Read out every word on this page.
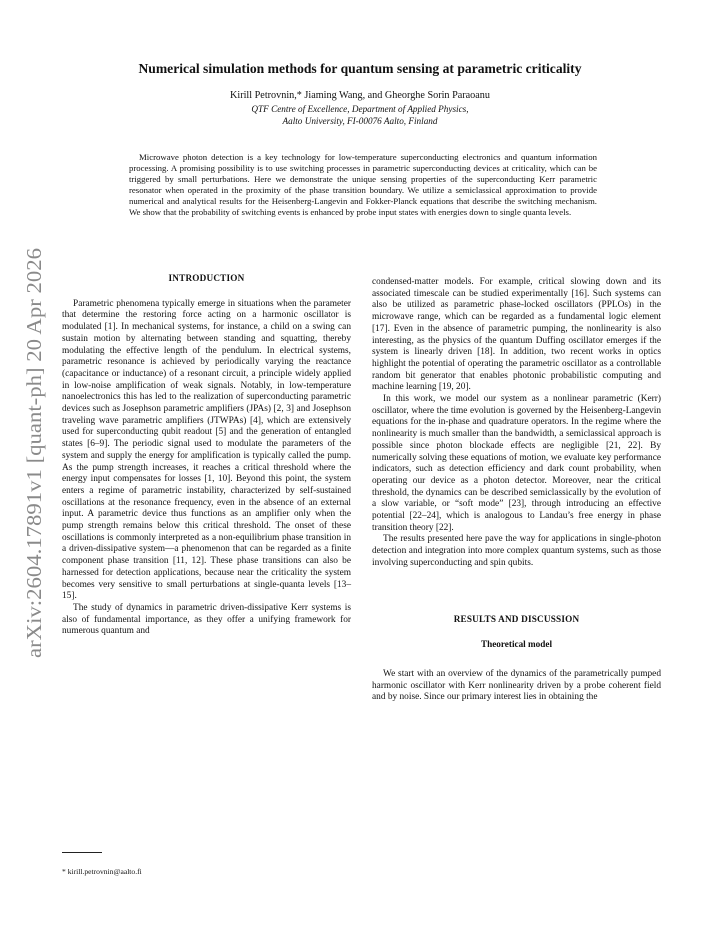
arXiv:2604.17891v1 [quant-ph] 20 Apr 2026
Numerical simulation methods for quantum sensing at parametric criticality

Kirill Petrovnin,* Jiaming Wang, and Gheorghe Sorin Paraoanu

QTF Centre of Excellence, Department of Applied Physics,
Aalto University, FI-00076 Aalto, Finland

Microwave photon detection is a key technology for low-temperature superconducting electronics and quantum information processing. A promising possibility is to use switching processes in parametric superconducting devices at criticality, which can be triggered by small perturbations. Here we demonstrate the unique sensing properties of the superconducting Kerr parametric resonator when operated in the proximity of the phase transition boundary. We utilize a semiclassical approximation to provide numerical and analytical results for the Heisenberg-Langevin and Fokker-Planck equations that describe the switching mechanism. We show that the probability of switching events is enhanced by probe input states with energies down to single quanta levels.

INTRODUCTION

Parametric phenomena typically emerge in situations when the parameter that determine the restoring force acting on a harmonic oscillator is modulated [1]. In mechanical systems, for instance, a child on a swing can sustain motion by alternating between standing and squatting, thereby modulating the effective length of the pendulum. In electrical systems, parametric resonance is achieved by periodically varying the reactance (capacitance or inductance) of a resonant circuit, a principle widely applied in low-noise amplification of weak signals. Notably, in low-temperature nanoelectronics this has led to the realization of superconducting parametric devices such as Josephson parametric amplifiers (JPAs) [2, 3] and Josephson traveling wave parametric amplifiers (JTWPAs) [4], which are extensively used for superconducting qubit readout [5] and the generation of entangled states [6–9]. The periodic signal used to modulate the parameters of the system and supply the energy for amplification is typically called the pump. As the pump strength increases, it reaches a critical threshold where the energy input compensates for losses [1, 10]. Beyond this point, the system enters a regime of parametric instability, characterized by self-sustained oscillations at the resonance frequency, even in the absence of an external input. A parametric device thus functions as an amplifier only when the pump strength remains below this critical threshold. The onset of these oscillations is commonly interpreted as a non-equilibrium phase transition in a driven-dissipative system—a phenomenon that can be regarded as a finite component phase transition [11, 12]. These phase transitions can also be harnessed for detection applications, because near the criticality the system becomes very sensitive to small perturbations at single-quanta levels [13–15].

The study of dynamics in parametric driven-dissipative Kerr systems is also of fundamental importance, as they offer a unifying framework for numerous quantum and

condensed-matter models. For example, critical slowing down and its associated timescale can be studied experimentally [16]. Such systems can also be utilized as parametric phase-locked oscillators (PPLOs) in the microwave range, which can be regarded as a fundamental logic element [17]. Even in the absence of parametric pumping, the nonlinearity is also interesting, as the physics of the quantum Duffing oscillator emerges if the system is linearly driven [18]. In addition, two recent works in optics highlight the potential of operating the parametric oscillator as a controllable random bit generator that enables photonic probabilistic computing and machine learning [19, 20].

In this work, we model our system as a nonlinear parametric (Kerr) oscillator, where the time evolution is governed by the Heisenberg-Langevin equations for the in-phase and quadrature operators. In the regime where the nonlinearity is much smaller than the bandwidth, a semiclassical approach is possible since photon blockade effects are negligible [21, 22]. By numerically solving these equations of motion, we evaluate key performance indicators, such as detection efficiency and dark count probability, when operating our device as a photon detector. Moreover, near the critical threshold, the dynamics can be described semiclassically by the evolution of a slow variable, or “soft mode” [23], through introducing an effective potential [22–24], which is analogous to Landau’s free energy in phase transition theory [22].

The results presented here pave the way for applications in single-photon detection and integration into more complex quantum systems, such as those involving superconducting and spin qubits.

RESULTS AND DISCUSSION
Theoretical model

We start with an overview of the dynamics of the parametrically pumped harmonic oscillator with Kerr nonlinearity driven by a probe coherent field and by noise. Since our primary interest lies in obtaining the

* kirill.petrovnin@aalto.fi
